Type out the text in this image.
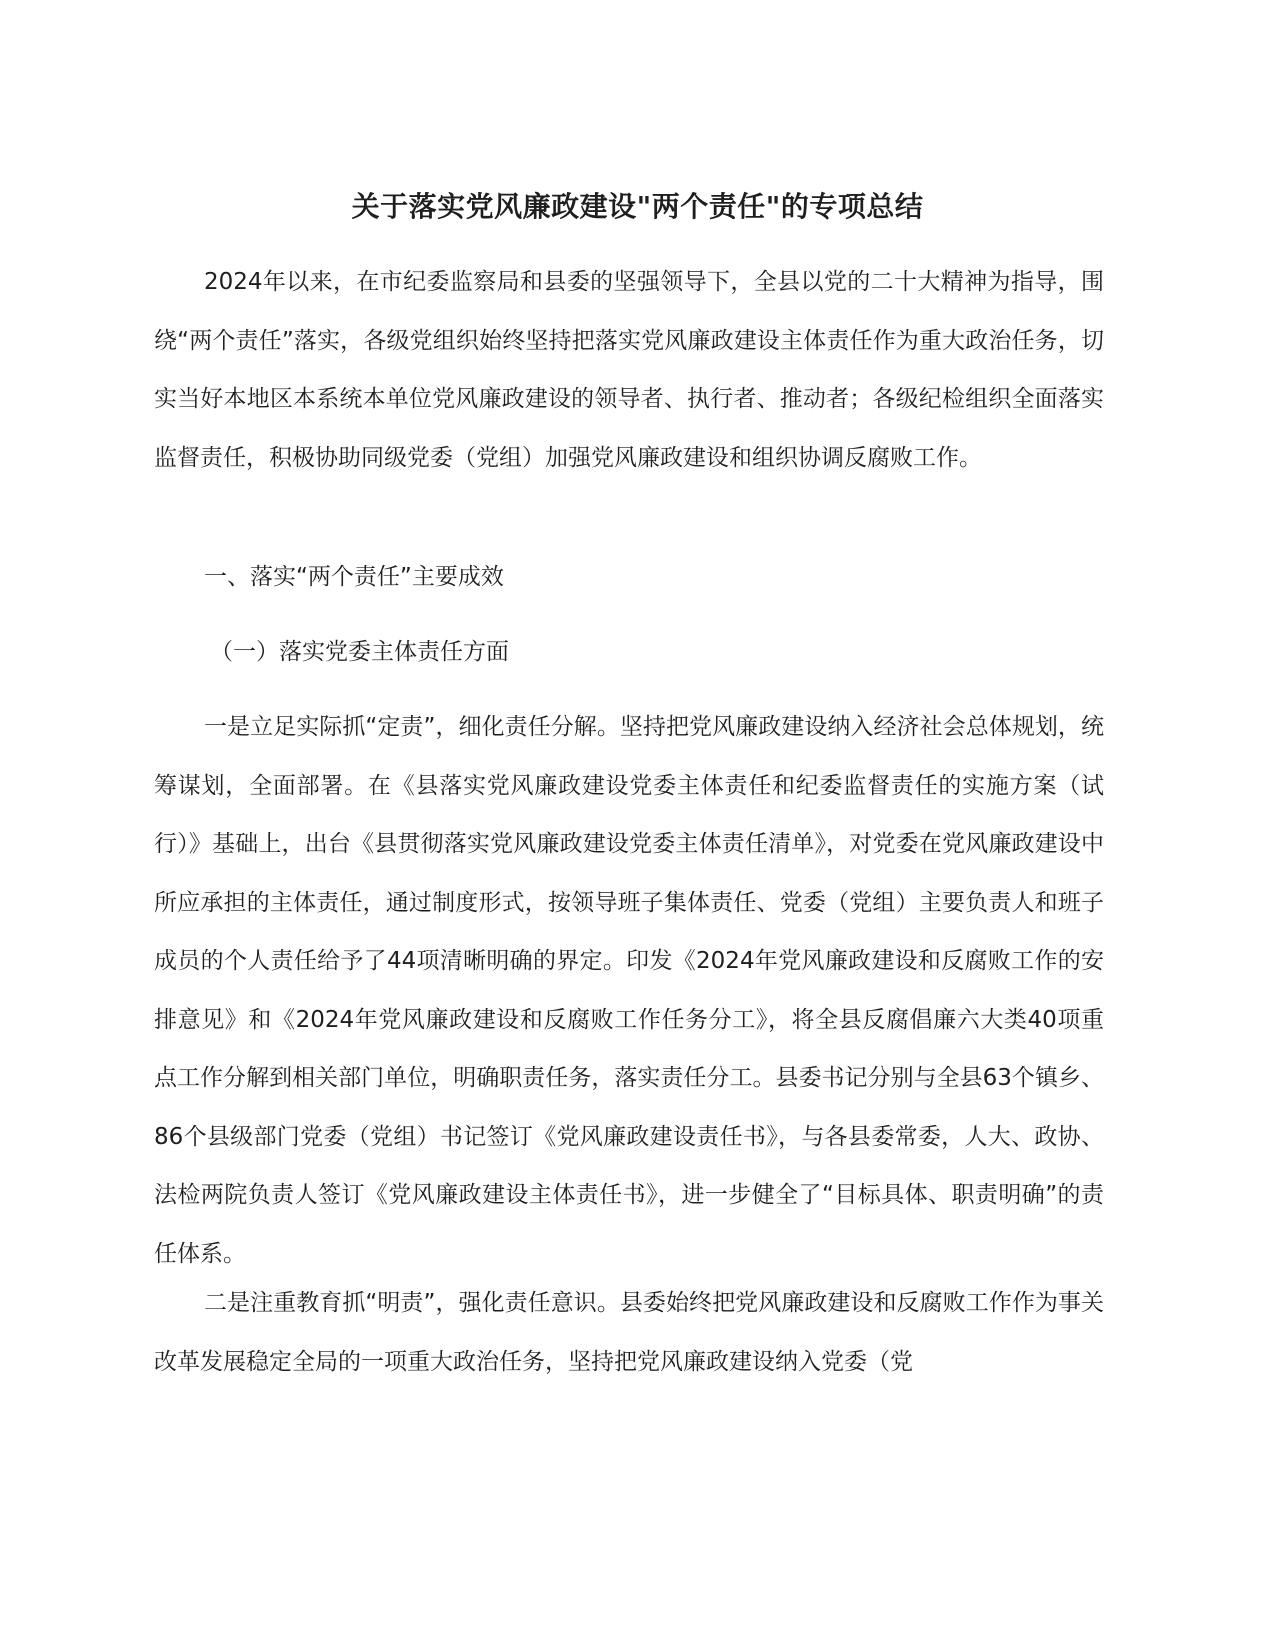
关于落实党风廉政建设"两个责任"的专项总结

2024年以来，在市纪委监察局和县委的坚强领导下，全县以党的二十大精神为指导，围绕“两个责任”落实，各级党组织始终坚持把落实党风廉政建设主体责任作为重大政治任务，切实当好本地区本系统本单位党风廉政建设的领导者、执行者、推动者；各级纪检组织全面落实监督责任，积极协助同级党委（党组）加强党风廉政建设和组织协调反腐败工作。

一、落实“两个责任”主要成效
（一）落实党委主体责任方面

一是立足实际抓“定责”，细化责任分解。坚持把党风廉政建设纳入经济社会总体规划，统筹谋划，全面部署。在《县落实党风廉政建设党委主体责任和纪委监督责任的实施方案（试行）》基础上，出台《县贯彻落实党风廉政建设党委主体责任清单》，对党委在党风廉政建设中所应承担的主体责任，通过制度形式，按领导班子集体责任、党委（党组）主要负责人和班子成员的个人责任给予了44项清晰明确的界定。印发《2024年党风廉政建设和反腐败工作的安排意见》和《2024年党风廉政建设和反腐败工作任务分工》，将全县反腐倡廉六大类40项重点工作分解到相关部门单位，明确职责任务，落实责任分工。县委书记分别与全县63个镇乡、86个县级部门党委（党组）书记签订《党风廉政建设责任书》，与各县委常委，人大、政协、法检两院负责人签订《党风廉政建设主体责任书》，进一步健全了“目标具体、职责明确”的责任体系。

二是注重教育抓“明责”，强化责任意识。县委始终把党风廉政建设和反腐败工作作为事关改革发展稳定全局的一项重大政治任务，坚持把党风廉政建设纳入党委（党
